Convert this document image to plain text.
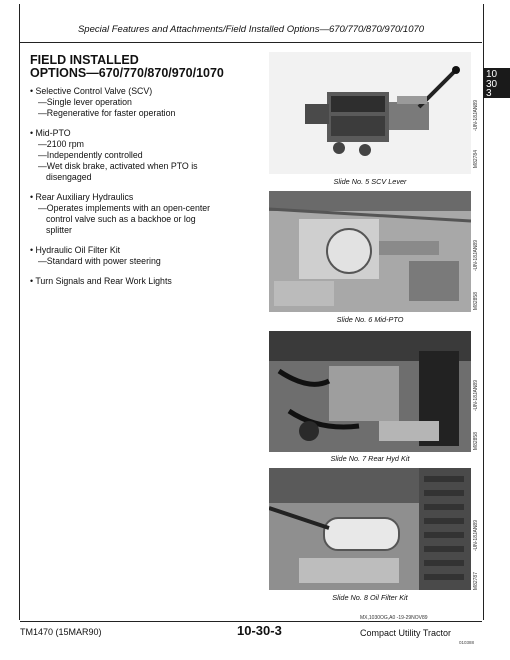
Special Features and Attachments/Field Installed Options—670/770/870/970/1070
10
30
3
FIELD INSTALLED
OPTIONS—670/770/870/970/1070
• Selective Control Valve (SCV)
—Single lever operation
—Regenerative for faster operation
• Mid-PTO
—2100 rpm
—Independently controlled
—Wet disk brake, activated when PTO is
disengaged
• Rear Auxiliary Hydraulics
—Operates implements with an open-center
control valve such as a backhoe or log
splitter
• Hydraulic Oil Filter Kit
—Standard with power steering
• Turn Signals and Rear Work Lights
Slide No. 5 SCV Lever
-UN-18JAN89
M82784
Slide No. 6 Mid-PTO
-UN-18JAN89
M82858
Slide No. 7 Rear Hyd Kit
-UN-18JAN89
M82858
Slide No. 8 Oil Filter Kit
-UN-18JAN89
M82787
MX,1030OG,A0 -19-29NOV89
TM1470 (15MAR90)	10-30-3	Compact Utility Tractor
010388
